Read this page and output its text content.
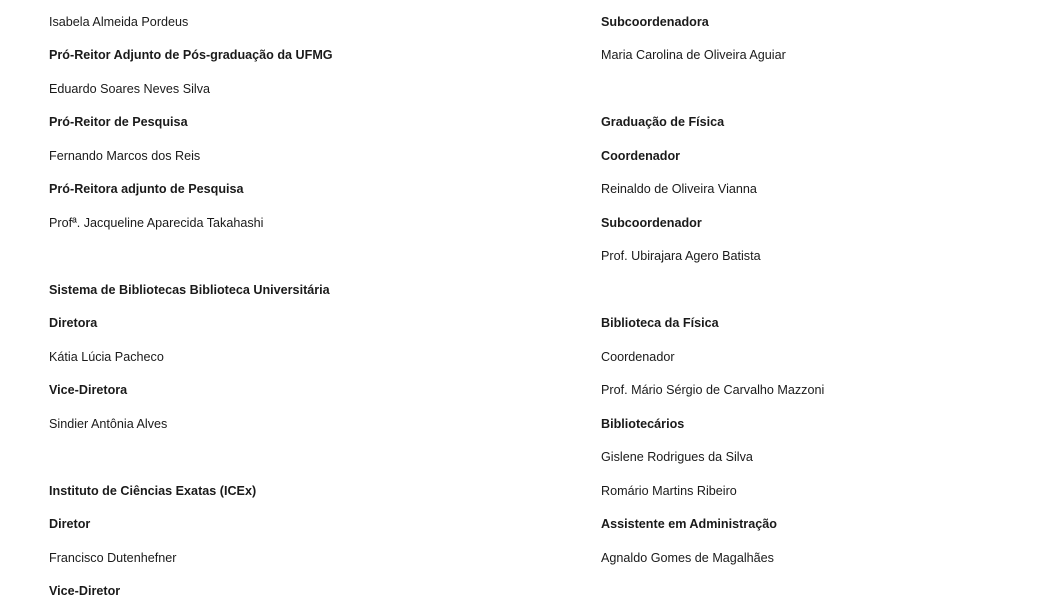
Isabela Almeida Pordeus
Pró-Reitor Adjunto de Pós-graduação da UFMG
Eduardo Soares Neves Silva
Pró-Reitor de Pesquisa
Fernando Marcos dos Reis
Pró-Reitora adjunto de Pesquisa
Profª. Jacqueline Aparecida Takahashi
Sistema de Bibliotecas Biblioteca Universitária
Diretora
Kátia Lúcia Pacheco
Vice-Diretora
Sindier Antônia Alves
Instituto de Ciências Exatas (ICEx)
Diretor
Francisco Dutenhefner
Vice-Diretor
Subcoordenadora
Maria Carolina de Oliveira Aguiar
Graduação de Física
Coordenador
Reinaldo de Oliveira Vianna
Subcoordenador
Prof. Ubirajara Agero Batista
Biblioteca da Física
Coordenador
Prof. Mário Sérgio de Carvalho Mazzoni
Bibliotecários
Gislene Rodrigues da Silva
Romário Martins Ribeiro
Assistente em Administração
Agnaldo Gomes de Magalhães
